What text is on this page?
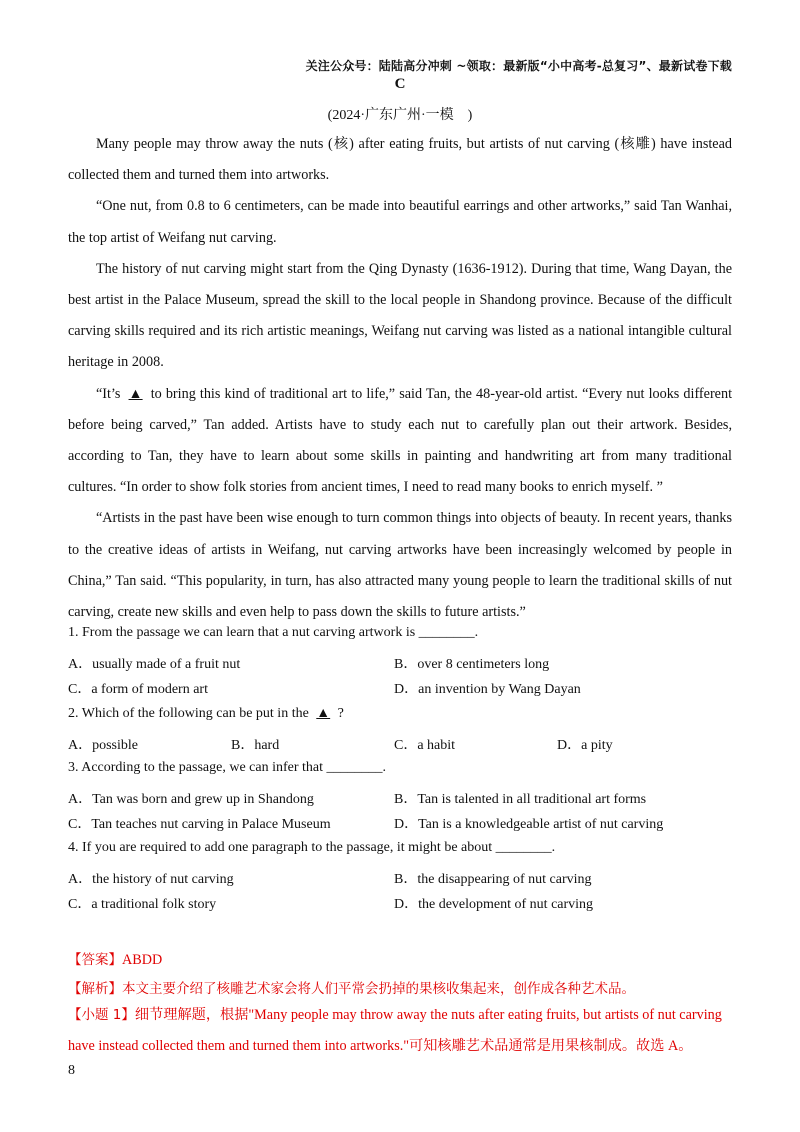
关注公众号：陆陆高分冲刺 ~领取：最新版“小中高考-总复习”、最新试卷下载
C
(2024·广东广州·一模　)

Many people may throw away the nuts (核) after eating fruits, but artists of nut carving (核雕) have instead collected them and turned them into artworks.

“One nut, from 0.8 to 6 centimeters, can be made into beautiful earrings and other artworks,” said Tan Wanhai, the top artist of Weifang nut carving.

The history of nut carving might start from the Qing Dynasty (1636-1912). During that time, Wang Dayan, the best artist in the Palace Museum, spread the skill to the local people in Shandong province. Because of the difficult carving skills required and its rich artistic meanings, Weifang nut carving was listed as a national intangible cultural heritage in 2008.

“It’s ▲ to bring this kind of traditional art to life,” said Tan, the 48-year-old artist. “Every nut looks different before being carved,” Tan added. Artists have to study each nut to carefully plan out their artwork. Besides, according to Tan, they have to learn about some skills in painting and handwriting art from many traditional cultures. “In order to show folk stories from ancient times, I need to read many books to enrich myself. ”

“Artists in the past have been wise enough to turn common things into objects of beauty. In recent years, thanks to the creative ideas of artists in Weifang, nut carving artworks have been increasingly welcomed by people in China,” Tan said. “This popularity, in turn, has also attracted many young people to learn the traditional skills of nut carving, create new skills and even help to pass down the skills to future artists.”

1. From the passage we can learn that a nut carving artwork is ________.
A．usually made of a fruit nut	B．over 8 centimeters long
C．a form of modern art	D．an invention by Wang Dayan
2. Which of the following can be put in the ▲ ?
A．possible	B．hard	C．a habit	D．a pity
3. According to the passage, we can infer that ________.
A．Tan was born and grew up in Shandong	B．Tan is talented in all traditional art forms
C．Tan teaches nut carving in Palace Museum	D．Tan is a knowledgeable artist of nut carving
4. If you are required to add one paragraph to the passage, it might be about ________.
A．the history of nut carving	B．the disappearing of nut carving
C．a traditional folk story	D．the development of nut carving
【答案】ABDD
【解析】本文主要介绍了核雕艺术家会将人们平常会扔掉的果核收集起来，创作成各种艺术品。
【小题 1】细节理解题，根据"Many people may throw away the nuts after eating fruits, but artists of nut carving have instead collected them and turned them into artworks."可知核雕艺术品通常是用果核制成。故选 A。
8
